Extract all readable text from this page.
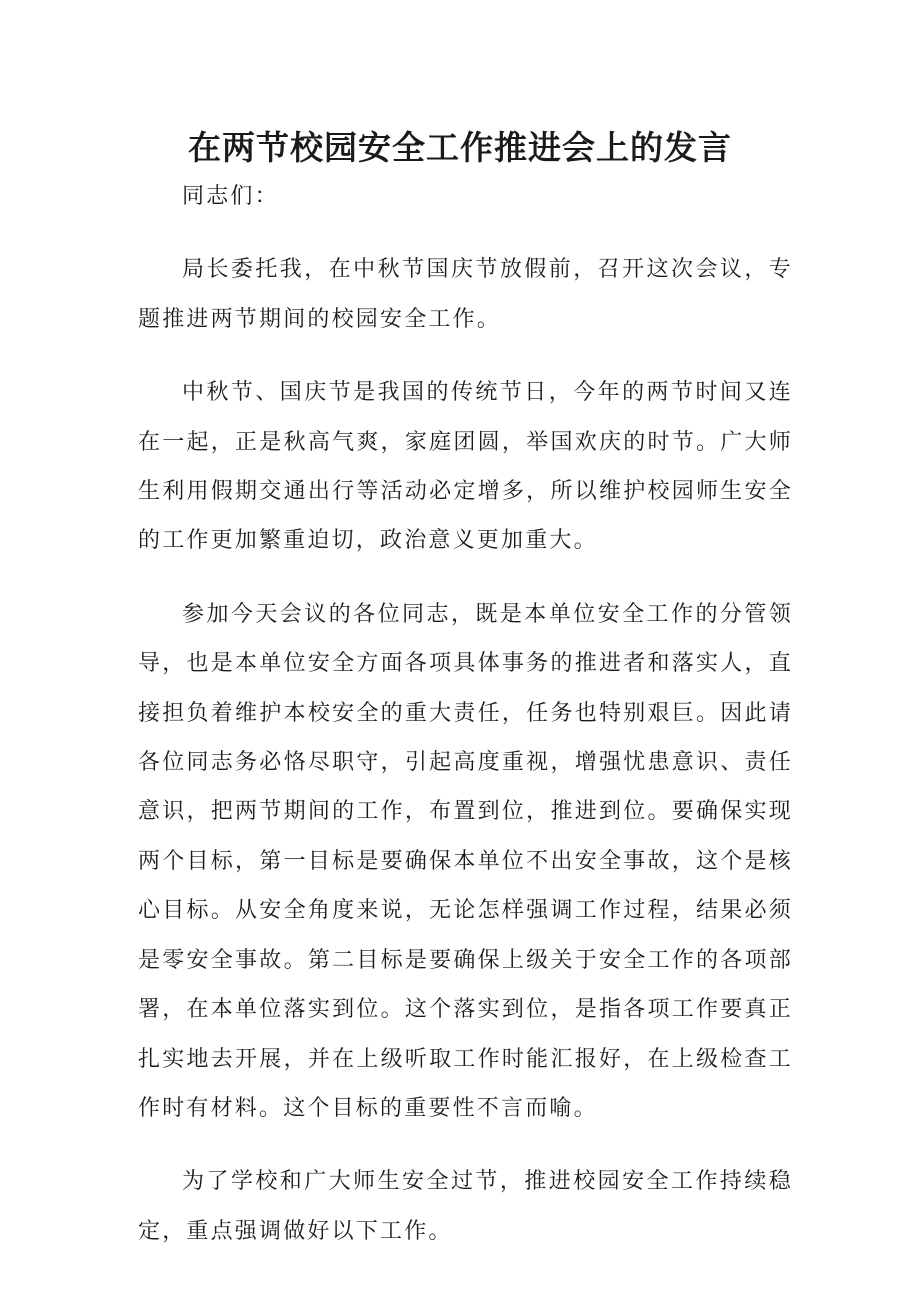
在两节校园安全工作推进会上的发言

同志们：

局长委托我，在中秋节国庆节放假前，召开这次会议，专题推进两节期间的校园安全工作。

中秋节、国庆节是我国的传统节日，今年的两节时间又连在一起，正是秋高气爽，家庭团圆，举国欢庆的时节。广大师生利用假期交通出行等活动必定增多，所以维护校园师生安全的工作更加繁重迫切，政治意义更加重大。

参加今天会议的各位同志，既是本单位安全工作的分管领导，也是本单位安全方面各项具体事务的推进者和落实人，直接担负着维护本校安全的重大责任，任务也特别艰巨。因此请各位同志务必恪尽职守，引起高度重视，增强忧患意识、责任意识，把两节期间的工作，布置到位，推进到位。要确保实现两个目标，第一目标是要确保本单位不出安全事故，这个是核心目标。从安全角度来说，无论怎样强调工作过程，结果必须是零安全事故。第二目标是要确保上级关于安全工作的各项部署，在本单位落实到位。这个落实到位，是指各项工作要真正扎实地去开展，并在上级听取工作时能汇报好，在上级检查工作时有材料。这个目标的重要性不言而喻。

为了学校和广大师生安全过节，推进校园安全工作持续稳定，重点强调做好以下工作。
